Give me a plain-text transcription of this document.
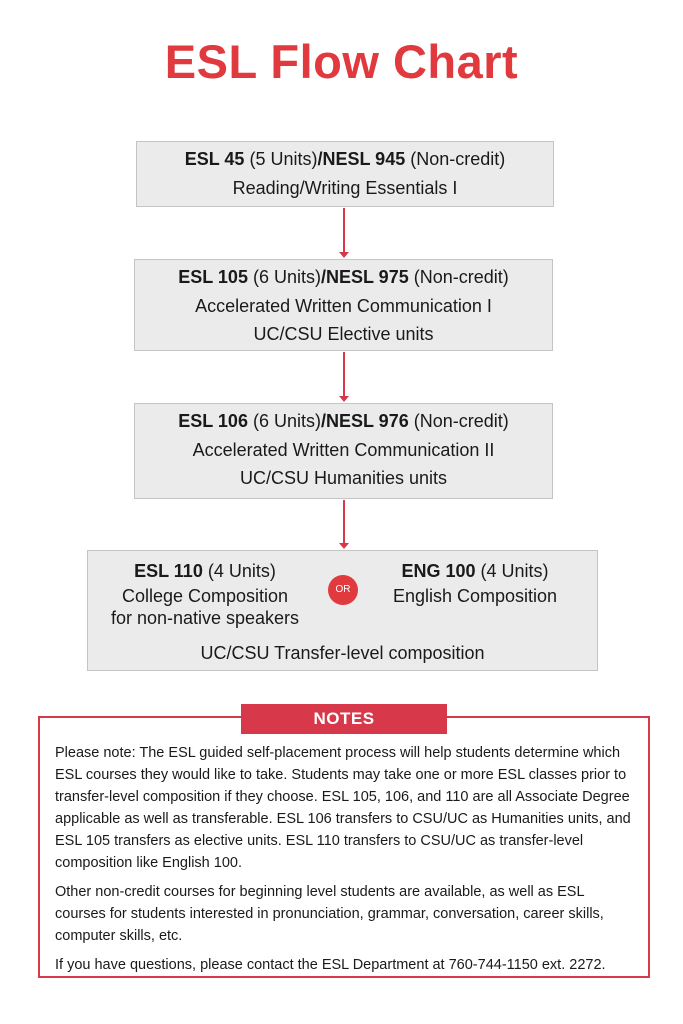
ESL Flow Chart
ESL 45 (5 Units)/NESL 945 (Non-credit)
Reading/Writing Essentials I
ESL 105 (6 Units)/NESL 975 (Non-credit)
Accelerated Written Communication I
UC/CSU Elective units
ESL 106 (6 Units)/NESL 976 (Non-credit)
Accelerated Written Communication II
UC/CSU Humanities units
ESL 110 (4 Units)
College Composition
for non-native speakers
OR
ENG 100 (4 Units)
English Composition
UC/CSU Transfer-level composition
NOTES

Please note: The ESL guided self-placement process will help students determine which ESL courses they would like to take. Students may take one or more ESL classes prior to transfer-level composition if they choose. ESL 105, 106, and 110 are all Associate Degree applicable as well as transferable. ESL 106 transfers to CSU/UC as Humanities units, and ESL 105 transfers as elective units. ESL 110 transfers to CSU/UC as transfer-level composition like English 100.

Other non-credit courses for beginning level students are available, as well as ESL courses for students interested in pronunciation, grammar, conversation, career skills, computer skills, etc.

If you have questions, please contact the ESL Department at 760-744-1150 ext. 2272.
